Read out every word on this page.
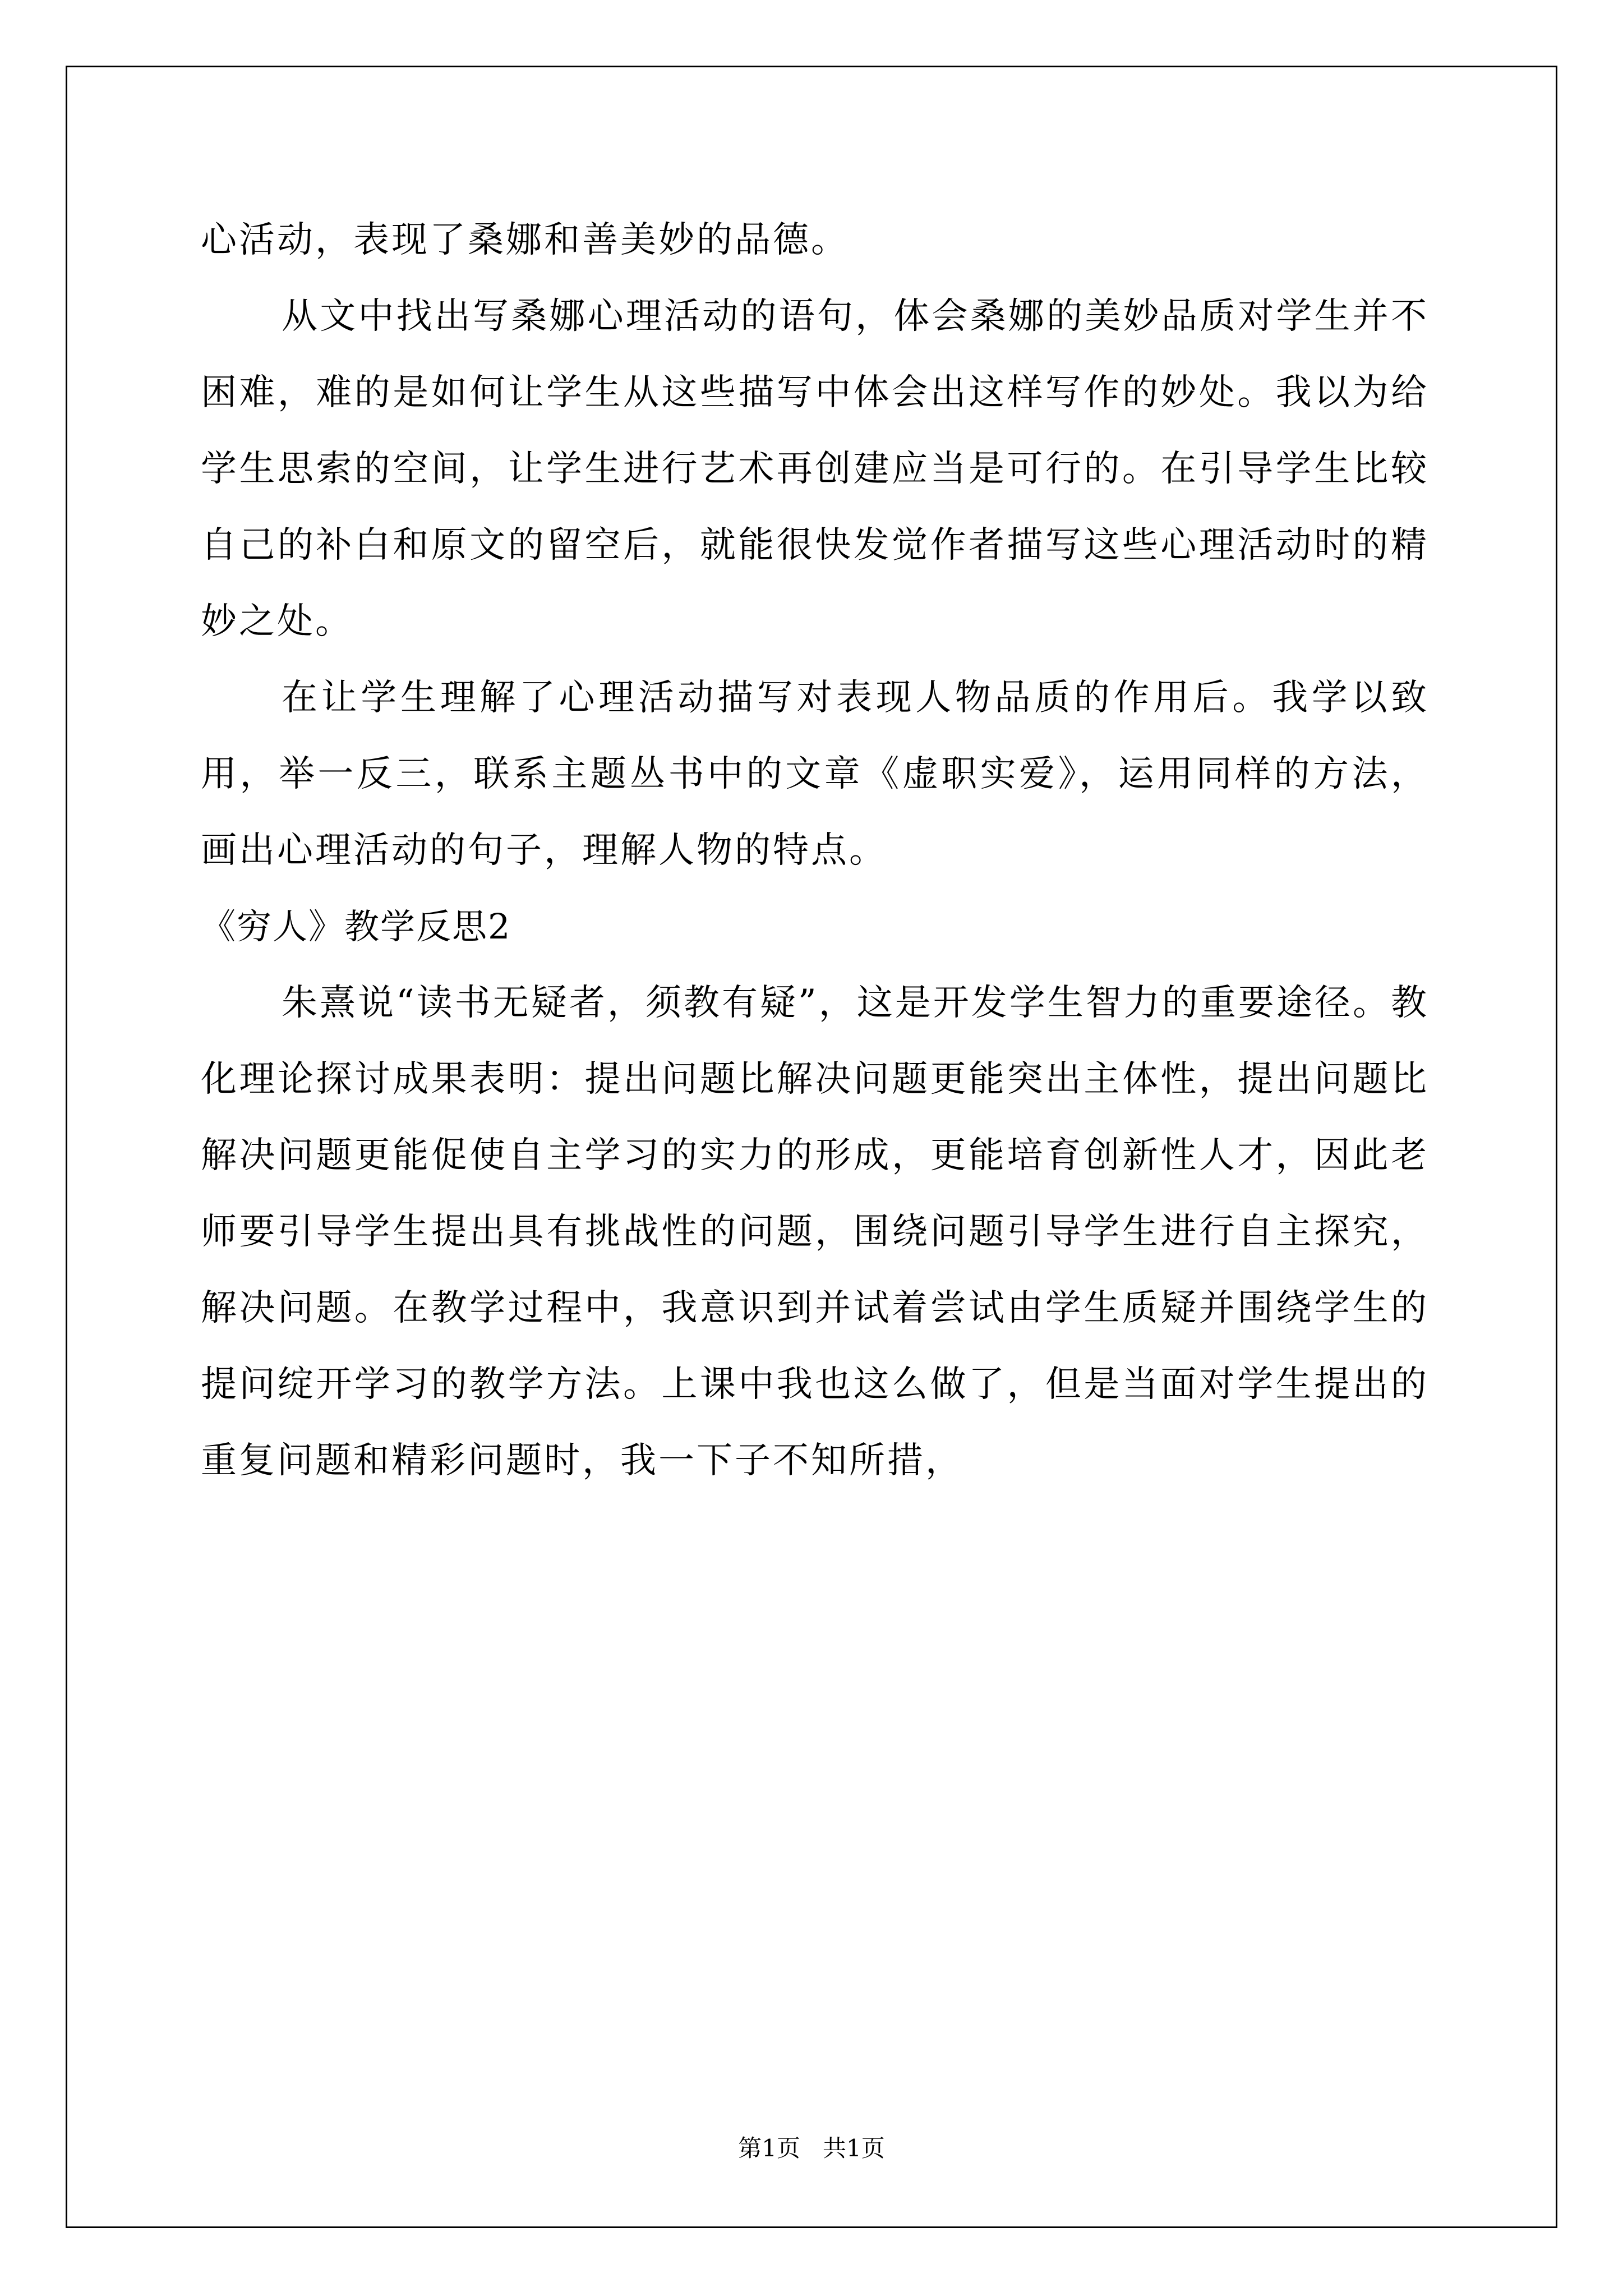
心活动，表现了桑娜和善美妙的品德。

从文中找出写桑娜心理活动的语句，体会桑娜的美妙品质对学生并不困难，难的是如何让学生从这些描写中体会出这样写作的妙处。我以为给学生思索的空间，让学生进行艺术再创建应当是可行的。在引导学生比较自己的补白和原文的留空后，就能很快发觉作者描写这些心理活动时的精妙之处。

在让学生理解了心理活动描写对表现人物品质的作用后。我学以致用，举一反三，联系主题丛书中的文章《虚职实爱》，运用同样的方法，画出心理活动的句子，理解人物的特点。

《穷人》教学反思2

朱熹说“读书无疑者，须教有疑”，这是开发学生智力的重要途径。教化理论探讨成果表明：提出问题比解决问题更能突出主体性，提出问题比解决问题更能促使自主学习的实力的形成，更能培育创新性人才，因此老师要引导学生提出具有挑战性的问题，围绕问题引导学生进行自主探究，解决问题。在教学过程中，我意识到并试着尝试由学生质疑并围绕学生的提问绽开学习的教学方法。上课中我也这么做了，但是当面对学生提出的重复问题和精彩问题时，我一下子不知所措，

第1页   共1页
